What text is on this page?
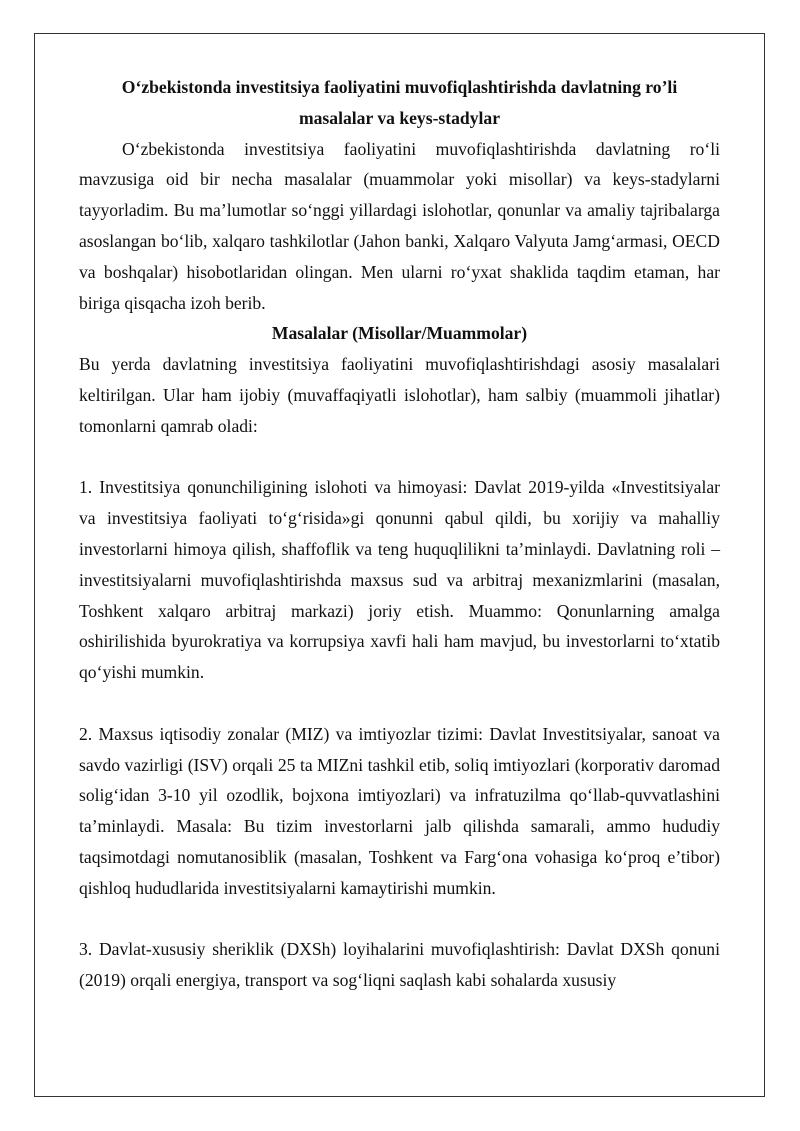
O‘zbekistonda investitsiya faoliyatini muvofiqlashtirishda davlatning ro’li

masalalar va keys-stadylar

O‘zbekistonda investitsiya faoliyatini muvofiqlashtirishda davlatning ro‘li mavzusiga oid bir necha masalalar (muammolar yoki misollar) va keys-stadylarni tayyorladim. Bu ma’lumotlar so‘nggi yillardagi islohotlar, qonunlar va amaliy tajribalarga asoslangan bo‘lib, xalqaro tashkilotlar (Jahon banki, Xalqaro Valyuta Jamg‘armasi, OECD va boshqalar) hisobotlaridan olingan. Men ularni ro‘yxat shaklida taqdim etaman, har biriga qisqacha izoh berib.

Masalalar (Misollar/Muammolar)

Bu yerda davlatning investitsiya faoliyatini muvofiqlashtirishdagi asosiy masalalari keltirilgan. Ular ham ijobiy (muvaffaqiyatli islohotlar), ham salbiy (muammoli jihatlar) tomonlarni qamrab oladi:

1. Investitsiya qonunchiligining islohoti va himoyasi: Davlat 2019-yilda «Investitsiyalar va investitsiya faoliyati to‘g‘risida»gi qonunni qabul qildi, bu xorijiy va mahalliy investorlarni himoya qilish, shaffoflik va teng huquqlilikni ta’minlaydi. Davlatning roli – investitsiyalarni muvofiqlashtirishda maxsus sud va arbitraj mexanizmlarini (masalan, Toshkent xalqaro arbitraj markazi) joriy etish. Muammo: Qonunlarning amalga oshirilishida byurokratiya va korrupsiya xavfi hali ham mavjud, bu investorlarni to‘xtatib qo‘yishi mumkin.

2. Maxsus iqtisodiy zonalar (MIZ) va imtiyozlar tizimi: Davlat Investitsiyalar, sanoat va savdo vazirligi (ISV) orqali 25 ta MIZni tashkil etib, soliq imtiyozlari (korporativ daromad solig‘idan 3-10 yil ozodlik, bojxona imtiyozlari) va infratuzilma qo‘llab-quvvatlashini ta’minlaydi. Masala: Bu tizim investorlarni jalb qilishda samarali, ammo hududiy taqsimotdagi nomutanosiblik (masalan, Toshkent va Farg‘ona vohasiga ko‘proq e’tibor) qishloq hududlarida investitsiyalarni kamaytirishi mumkin.

3. Davlat-xususiy sheriklik (DXSh) loyihalarini muvofiqlashtirish: Davlat DXSh qonuni (2019) orqali energiya, transport va sog‘liqni saqlash kabi sohalarda xususiy
